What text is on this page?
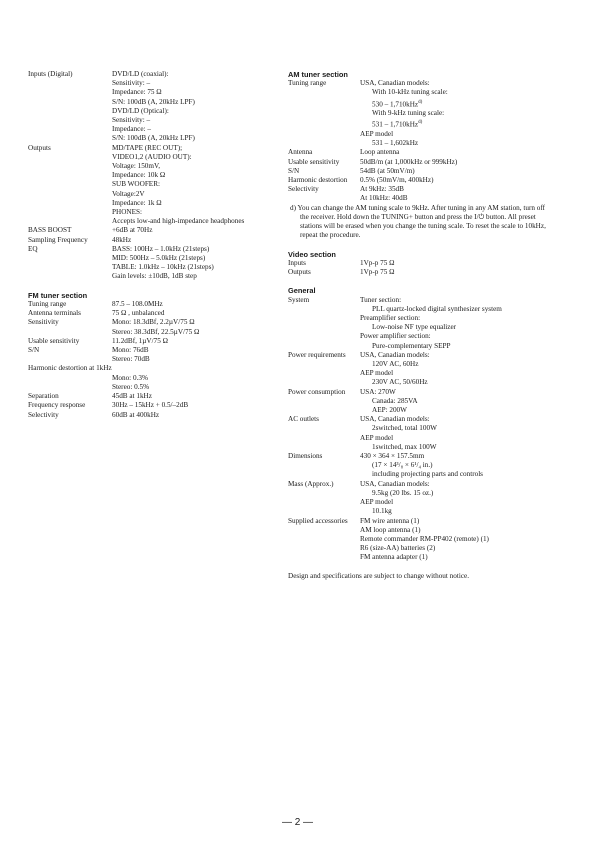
Inputs (Digital)	DVD/LD (coaxial):
Sensitivity: –
Impedance: 75 Ω
S/N: 100dB (A, 20kHz LPF)
DVD/LD (Optical):
Sensitivity: –
Impedance: –
S/N: 100dB (A, 20kHz LPF)
Outputs	MD/TAPE (REC OUT);
VIDEO1,2 (AUDIO OUT):
Voltage: 150mV,
Impedance: 10k Ω
SUB WOOFER:
Voltage:2V
Impedance: 1k Ω
PHONES:
Accepts low-and high-impedance headphones
BASS BOOST	+6dB at 70Hz
Sampling Frequency	48kHz
EQ	BASS: 100Hz – 1.0kHz (21steps)
MID: 500Hz – 5.0kHz (21steps)
TABLE: 1.0kHz – 10kHz (21steps)
Gain levels: ±10dB, 1dB step
FM tuner section
Tuning range	87.5 – 108.0MHz
Antenna terminals	75 Ω , unbalanced
Sensitivity	Mono: 18.3dBf, 2.2µV/75 Ω
Stereo: 38.3dBf, 22.5µV/75 Ω
Usable sensitivity	11.2dBf, 1µV/75 Ω
S/N	Mono: 76dB
Stereo: 70dB
Harmonic destortion at 1kHz
Mono: 0.3%
Stereo: 0.5%
Separation	45dB at 1kHz
Frequency response	30Hz – 15kHz + 0.5/–2dB
Selectivity	60dB at 400kHz
AM tuner section
Tuning range	USA, Canadian models:
With 10-kHz tuning scale:
530 – 1,710kHz$^{d)}$
With 9-kHz tuning scale:
531 – 1,710kHz$^{d)}$
AEP model
531 – 1,602kHz
Antenna	Loop antenna
Usable sensitivity	50dB/m (at 1,000kHz or 999kHz)
S/N	54dB (at 50mV/m)
Harmonic destortion	0.5% (50mV/m, 400kHz)
Selectivity	At 9kHz: 35dB
At 10kHz: 40dB
d) You can change the AM tuning scale to 9kHz. After tuning in any AM station, turn off the receiver. Hold down the TUNING+ button and press the I/⏻ button. All preset stations will be erased when you change the tuning scale. To reset the scale to 10kHz, repeat the procedure.
Video section
Inputs	1Vp-p 75 Ω
Outputs	1Vp-p 75 Ω
General
System	Tuner section:
PLL quartz-locked digital synthesizer system
Preamplifier section:
Low-noise NF type equalizer
Power amplifier section:
Pure-complementary SEPP
Power requirements	USA, Canadian models:
120V AC, 60Hz
AEP model
230V AC, 50/60Hz
Power consumption	USA: 270W
Canada: 285VA
AEP: 200W
AC outlets	USA, Canadian models:
2switched, total 100W
AEP model
1switched, max 100W
Dimensions	430 × 364 × 157.5mm
(17 × 14³/₈ × 6¹/₄ in.)
including projecting parts and controls
Mass (Approx.)	USA, Canadian models:
9.5kg (20 lbs. 15 oz.)
AEP model
10.1kg
Supplied accessories	FM wire antenna (1)
AM loop antenna (1)
Remote commander RM-PP402 (remote) (1)
R6 (size-AA) batteries (2)
FM antenna adapter (1)
Design and specifications are subject to change without notice.
— 2 —
